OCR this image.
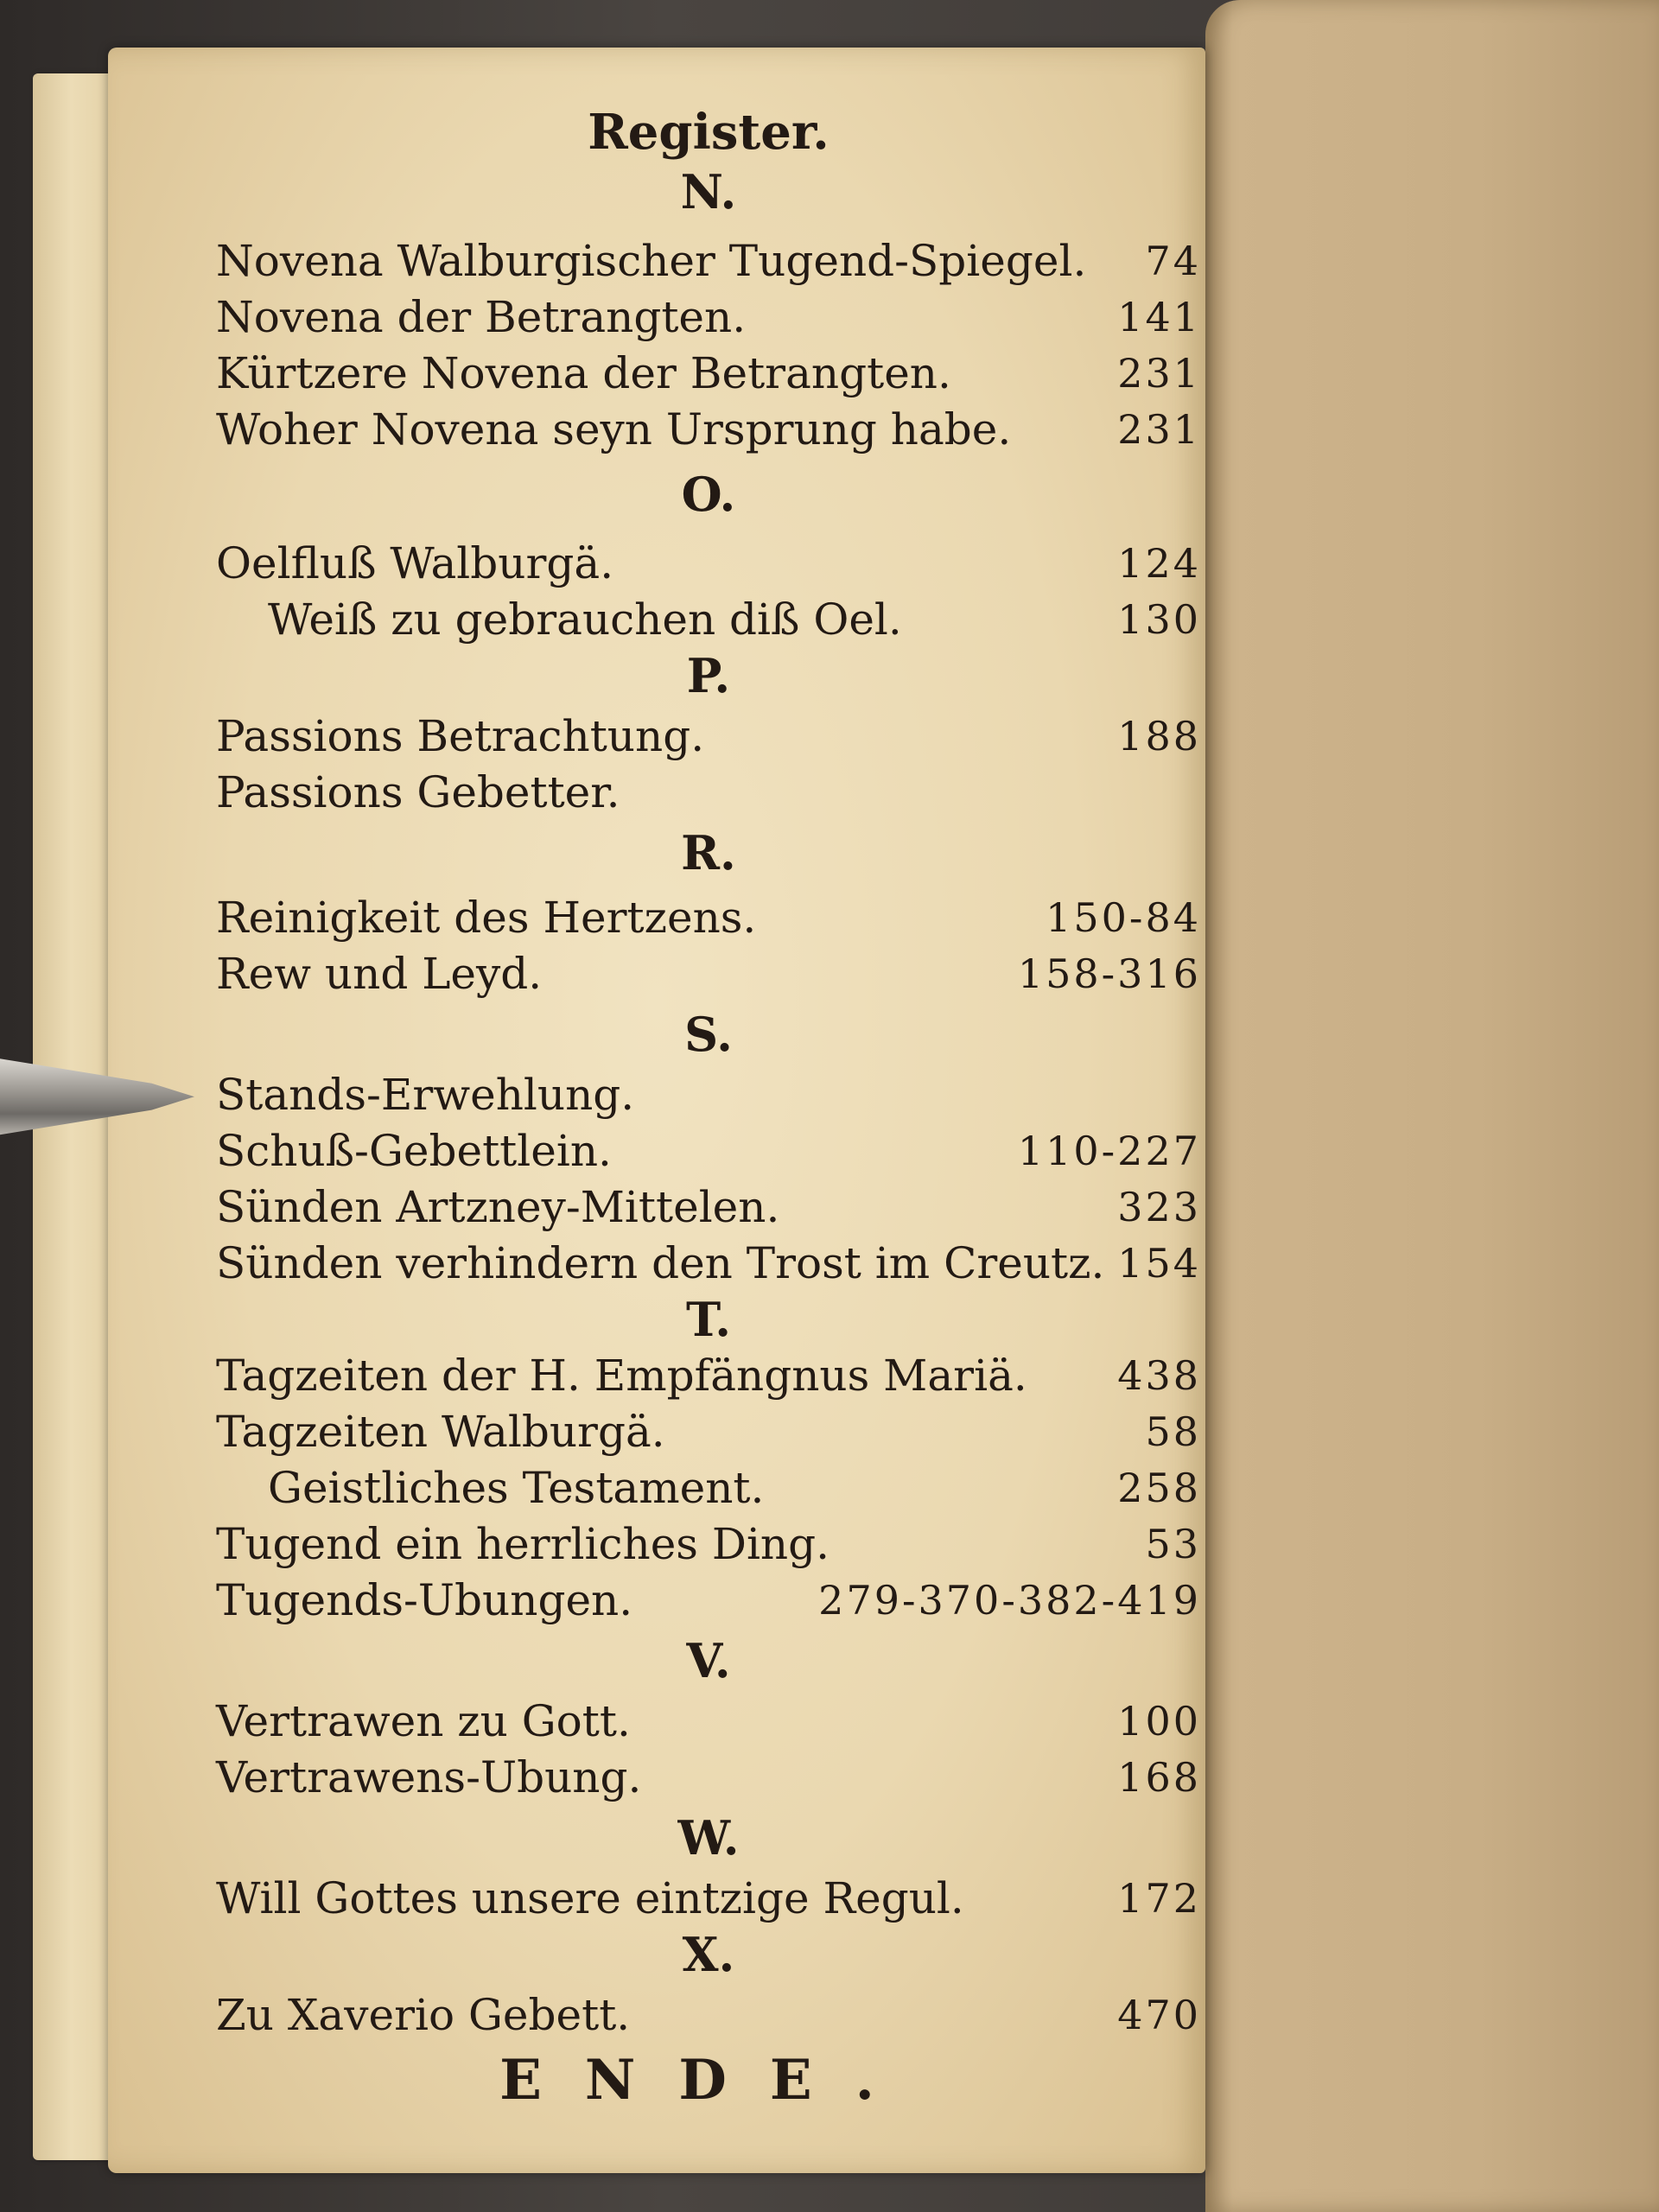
Register.
N.
Novena Walburgischer Tugend-Spiegel. 74
Novena der Betrangten.	141
Kürtzere Novena der Betrangten.	231
Woher Novena seyn Ursprung habe.	231
O.
Oelfluß Walburgä.	124
Weiß zu gebrauchen diß Oel.	130
P.
Passions Betrachtung.	188
Passions Gebetter.
R.
Reinigkeit des Hertzens.	150-84
Rew und Leyd.	158-316
S.
Stands-Erwehlung.
Schuß-Gebettlein.	110-227
Sünden Artzney-Mittelen.	323
Sünden verhindern den Trost im Creutz. 154
T.
Tagzeiten der H. Empfängnus Mariä. 438
Tagzeiten Walburgä.	58
Geistliches Testament.	258
Tugend ein herrliches Ding.	53
Tugends-Ubungen.	279-370-382-419
V.
Vertrawen zu Gott.	100
Vertrawens-Ubung.	168
W.
Will Gottes unsere eintzige Regul.	172
X.
Zu Xaverio Gebett.	470
ENDE.
